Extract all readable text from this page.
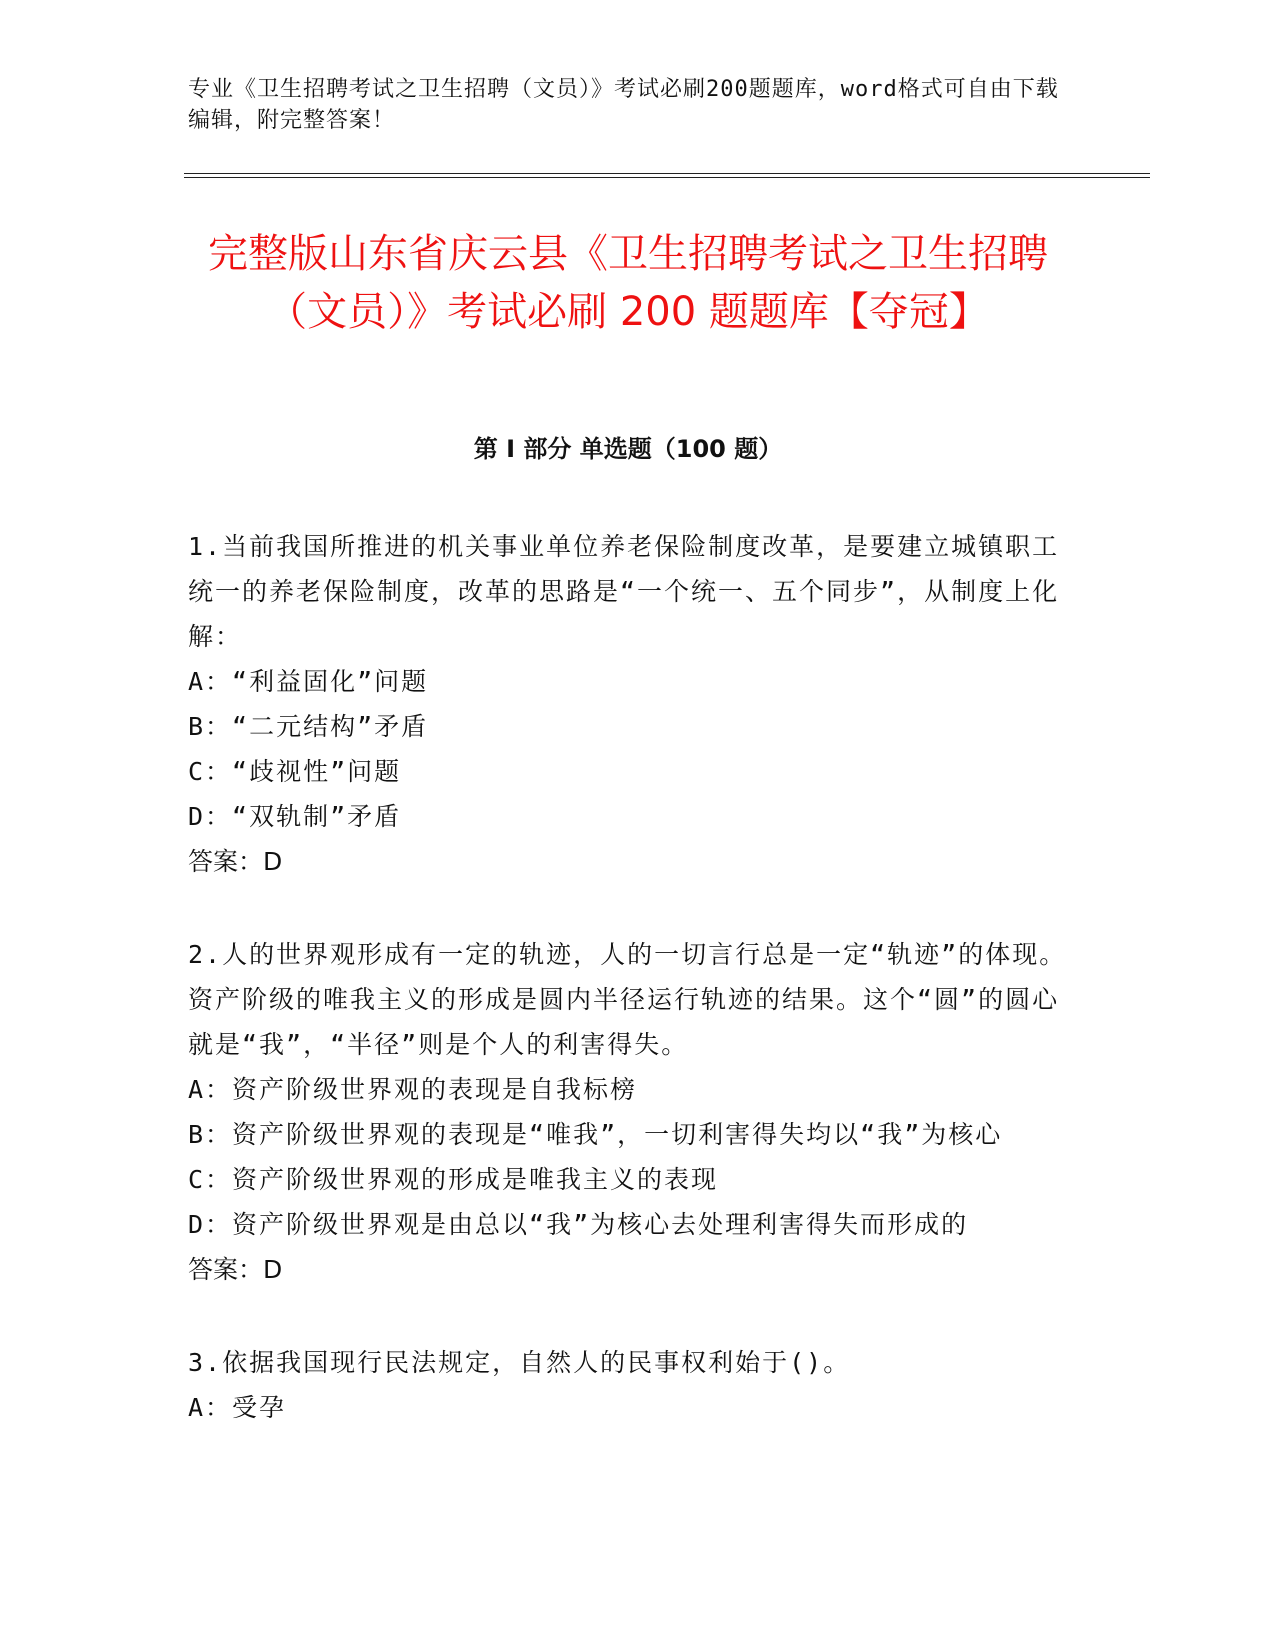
专业《卫生招聘考试之卫生招聘（文员）》考试必刷200题题库，word格式可自由下载编辑，附完整答案！
完整版山东省庆云县《卫生招聘考试之卫生招聘（文员）》考试必刷 200 题题库【夺冠】
第 I 部分 单选题（100 题）

1.当前我国所推进的机关事业单位养老保险制度改革，是要建立城镇职工统一的养老保险制度，改革的思路是“一个统一、五个同步”，从制度上化解：

A：“利益固化”问题

B：“二元结构”矛盾

C：“歧视性”问题

D：“双轨制”矛盾

答案：D

2.人的世界观形成有一定的轨迹，人的一切言行总是一定“轨迹”的体现。资产阶级的唯我主义的形成是圆内半径运行轨迹的结果。这个“圆”的圆心就是“我”，“半径”则是个人的利害得失。

A：资产阶级世界观的表现是自我标榜

B：资产阶级世界观的表现是“唯我”，一切利害得失均以“我”为核心

C：资产阶级世界观的形成是唯我主义的表现

D：资产阶级世界观是由总以“我”为核心去处理利害得失而形成的

答案：D

3.依据我国现行民法规定，自然人的民事权利始于()。

A：受孕
